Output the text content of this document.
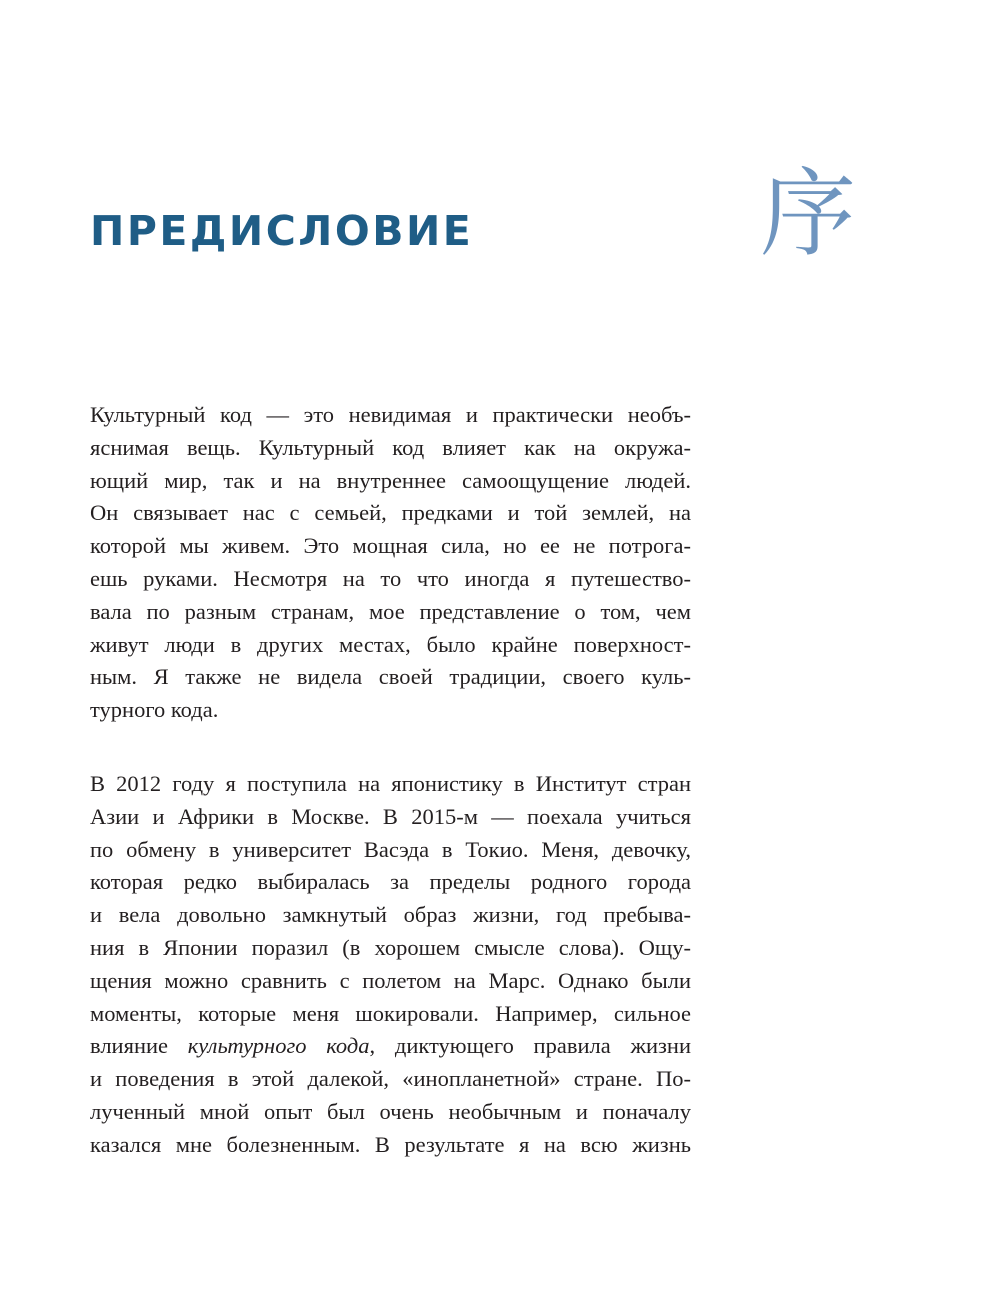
ПРЕДИСЛОВИЕ	序
Культурный код — это невидимая и практически необъ-
яснимая вещь. Культурный код влияет как на окружа-
ющий мир, так и на внутреннее самоощущение людей.
Он связывает нас с семьей, предками и той землей, на
которой мы живем. Это мощная сила, но ее не потрога-
ешь руками. Несмотря на то что иногда я путешество-
вала по разным странам, мое представление о том, чем
живут люди в других местах, было крайне поверхност-
ным. Я также не видела своей традиции, своего куль-
турного кода.
В 2012 году я поступила на японистику в Институт стран
Азии и Африки в Москве. В 2015-м — поехала учиться
по обмену в университет Васэда в Токио. Меня, девочку,
которая редко выбиралась за пределы родного города
и вела довольно замкнутый образ жизни, год пребыва-
ния в Японии поразил (в хорошем смысле слова). Ощу-
щения можно сравнить с полетом на Марс. Однако были
моменты, которые меня шокировали. Например, сильное
влияние культурного кода, диктующего правила жизни
и поведения в этой далекой, «инопланетной» стране. По-
лученный мной опыт был очень необычным и поначалу
казался мне болезненным. В результате я на всю жизнь
